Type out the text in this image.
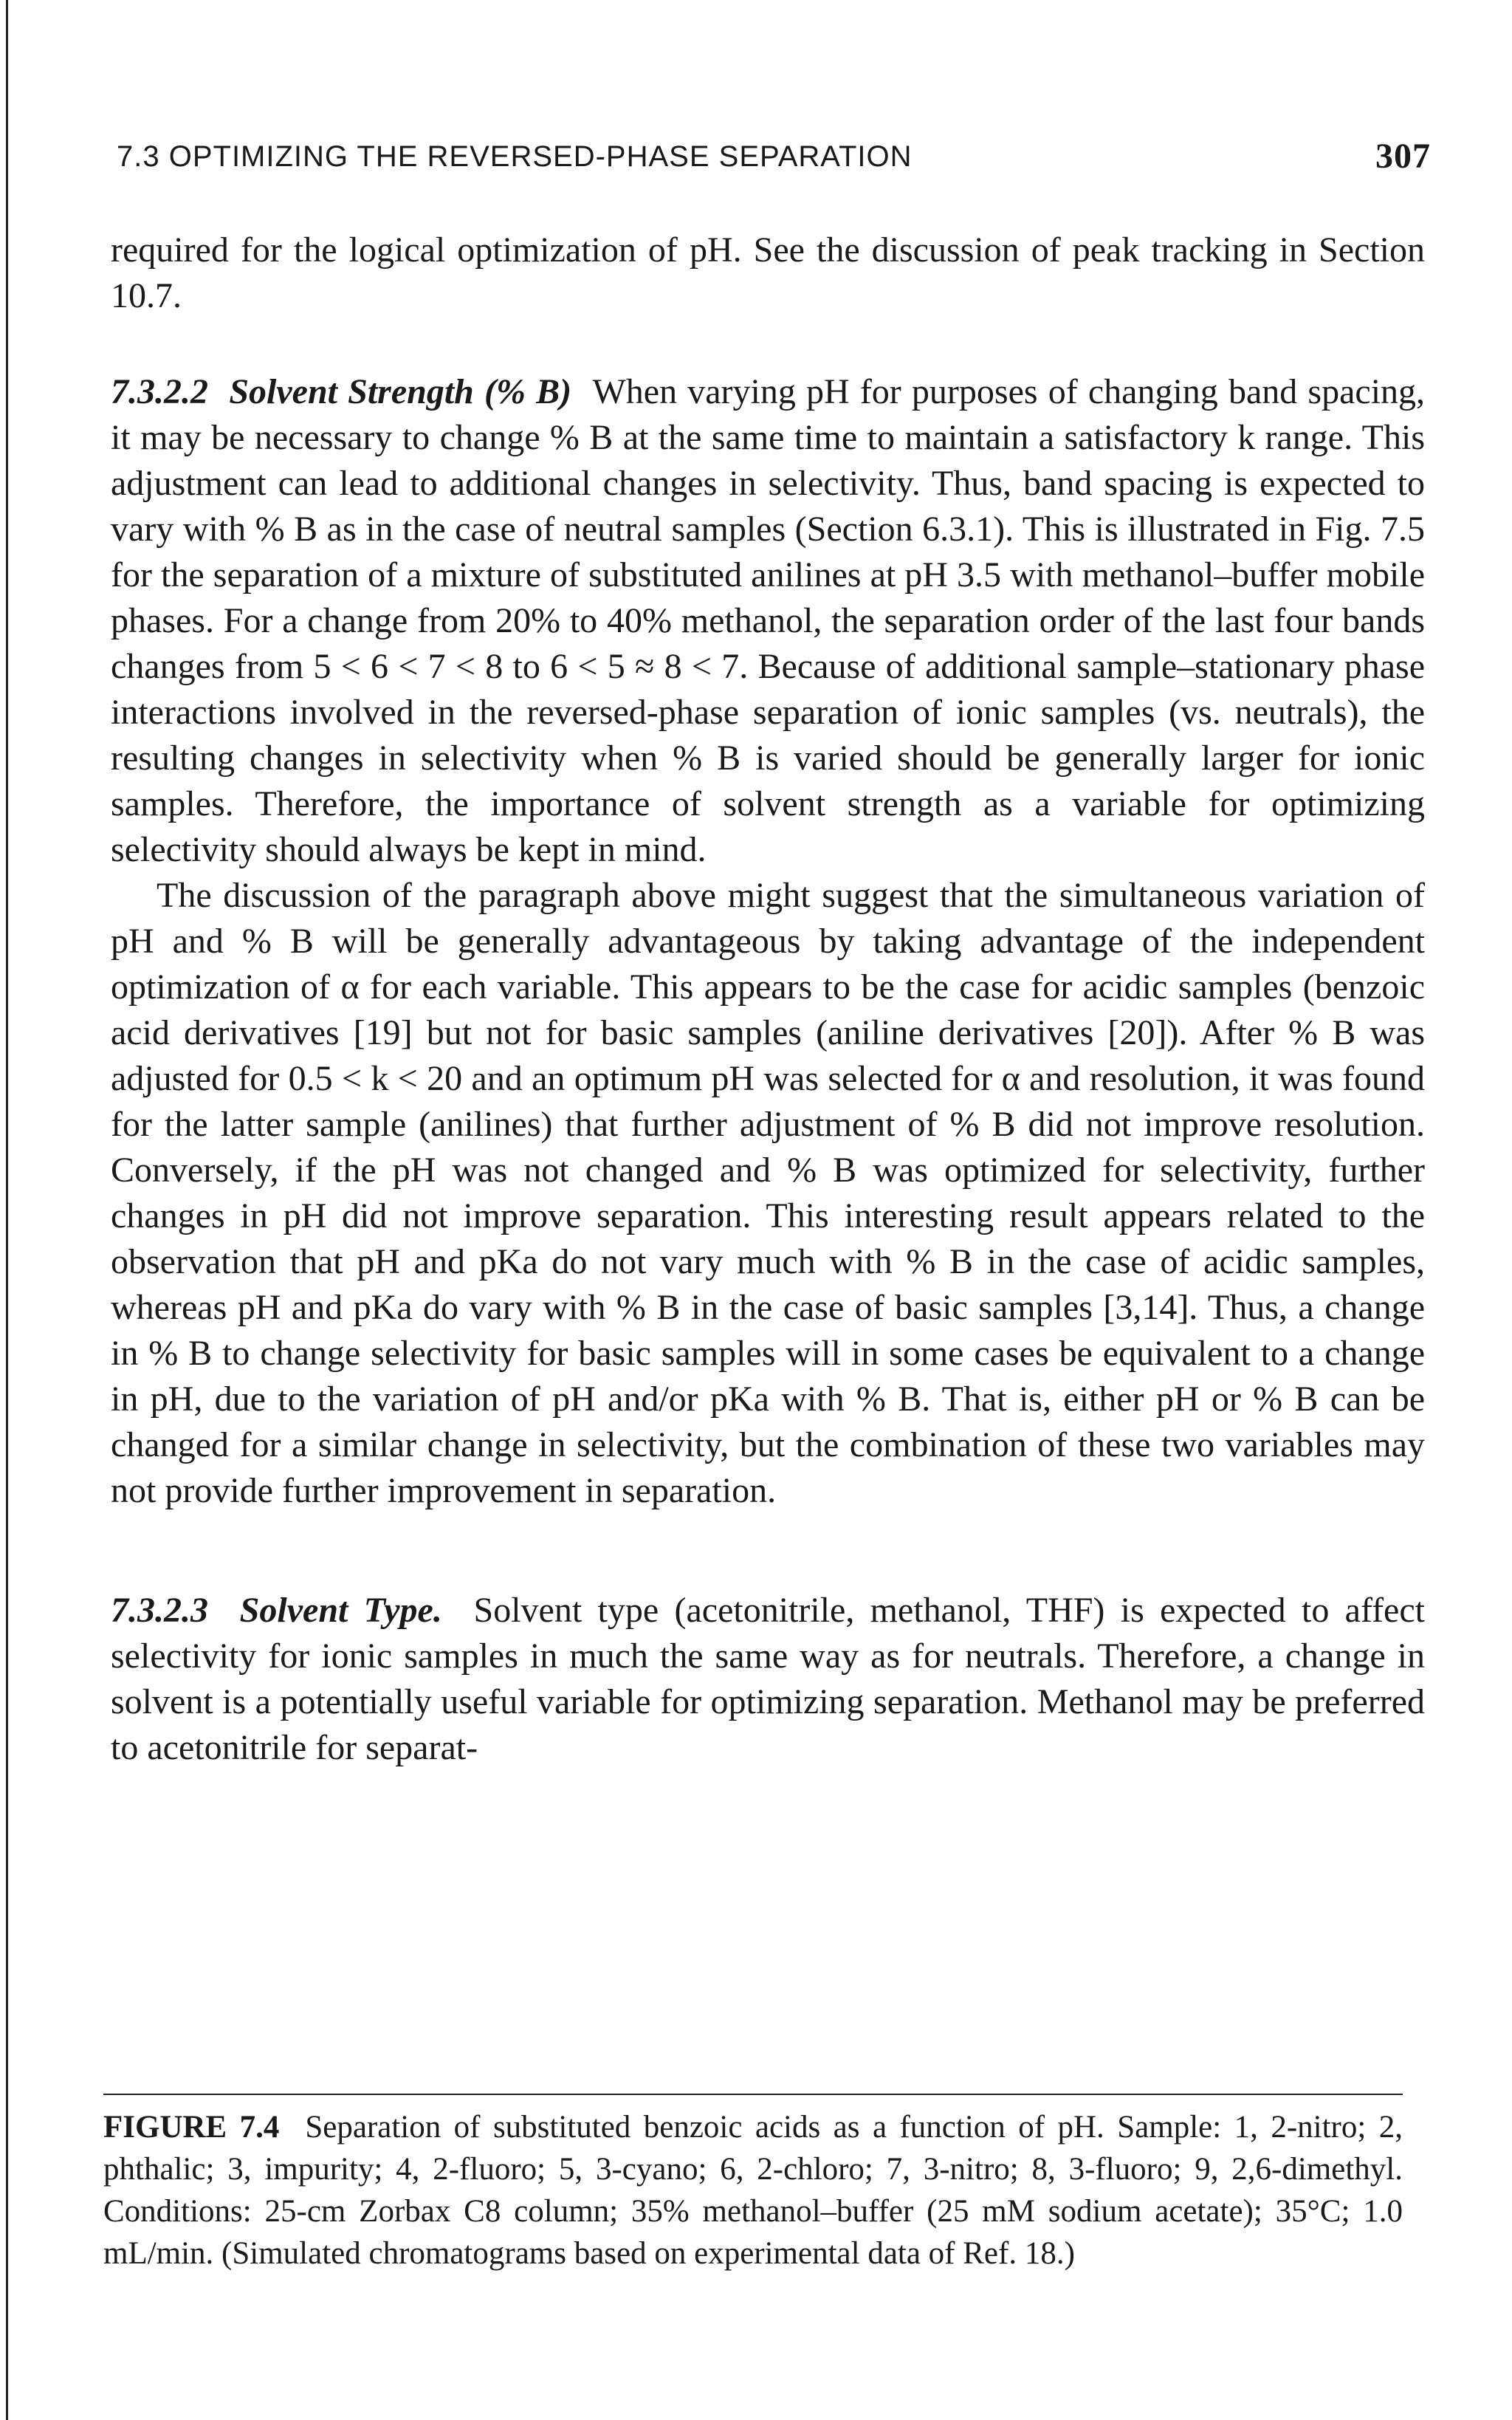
7.3 OPTIMIZING THE REVERSED-PHASE SEPARATION	307

required for the logical optimization of pH. See the discussion of peak tracking in Section 10.7.

7.3.2.2 Solvent Strength (% B) When varying pH for purposes of changing band spacing, it may be necessary to change % B at the same time to maintain a satisfactory k range. This adjustment can lead to additional changes in selectivity. Thus, band spacing is expected to vary with % B as in the case of neutral samples (Section 6.3.1). This is illustrated in Fig. 7.5 for the separation of a mixture of substituted anilines at pH 3.5 with methanol–buffer mobile phases. For a change from 20% to 40% methanol, the separation order of the last four bands changes from 5 < 6 < 7 < 8 to 6 < 5 ≈ 8 < 7. Because of additional sample–stationary phase interactions involved in the reversed-phase separation of ionic samples (vs. neutrals), the resulting changes in selectivity when % B is varied should be generally larger for ionic samples. Therefore, the importance of solvent strength as a variable for optimizing selectivity should always be kept in mind.

The discussion of the paragraph above might suggest that the simultaneous variation of pH and % B will be generally advantageous by taking advantage of the independent optimization of α for each variable. This appears to be the case for acidic samples (benzoic acid derivatives [19] but not for basic samples (aniline derivatives [20]). After % B was adjusted for 0.5 < k < 20 and an optimum pH was selected for α and resolution, it was found for the latter sample (anilines) that further adjustment of % B did not improve resolution. Conversely, if the pH was not changed and % B was optimized for selectivity, further changes in pH did not improve separation. This interesting result appears related to the observation that pH and pKa do not vary much with % B in the case of acidic samples, whereas pH and pKa do vary with % B in the case of basic samples [3,14]. Thus, a change in % B to change selectivity for basic samples will in some cases be equivalent to a change in pH, due to the variation of pH and/or pKa with % B. That is, either pH or % B can be changed for a similar change in selectivity, but the combination of these two variables may not provide further improvement in separation.

7.3.2.3 Solvent Type. Solvent type (acetonitrile, methanol, THF) is expected to affect selectivity for ionic samples in much the same way as for neutrals. Therefore, a change in solvent is a potentially useful variable for optimizing separation. Methanol may be preferred to acetonitrile for separat-

FIGURE 7.4 Separation of substituted benzoic acids as a function of pH. Sample: 1, 2-nitro; 2, phthalic; 3, impurity; 4, 2-fluoro; 5, 3-cyano; 6, 2-chloro; 7, 3-nitro; 8, 3-fluoro; 9, 2,6-dimethyl. Conditions: 25-cm Zorbax C8 column; 35% methanol–buffer (25 mM sodium acetate); 35°C; 1.0 mL/min. (Simulated chromatograms based on experimental data of Ref. 18.)
